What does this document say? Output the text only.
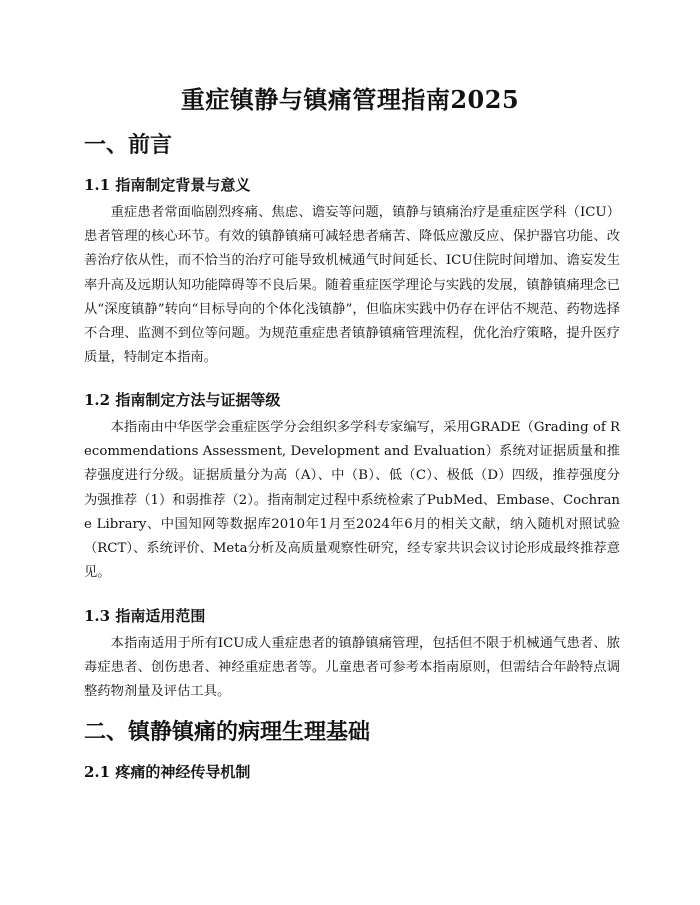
重症镇静与镇痛管理指南2025
一、前言
1.1 指南制定背景与意义

重症患者常面临剧烈疼痛、焦虑、谵妄等问题，镇静与镇痛治疗是重症医学科（ICU）患者管理的核心环节。有效的镇静镇痛可减轻患者痛苦、降低应激反应、保护器官功能、改善治疗依从性，而不恰当的治疗可能导致机械通气时间延长、ICU住院时间增加、谵妄发生率升高及远期认知功能障碍等不良后果。随着重症医学理论与实践的发展，镇静镇痛理念已从“深度镇静”转向“目标导向的个体化浅镇静”，但临床实践中仍存在评估不规范、药物选择不合理、监测不到位等问题。为规范重症患者镇静镇痛管理流程，优化治疗策略，提升医疗质量，特制定本指南。

1.2 指南制定方法与证据等级

本指南由中华医学会重症医学分会组织多学科专家编写，采用GRADE（Grading of Recommendations Assessment, Development and Evaluation）系统对证据质量和推荐强度进行分级。证据质量分为高（A）、中（B）、低（C）、极低（D）四级，推荐强度分为强推荐（1）和弱推荐（2）。指南制定过程中系统检索了PubMed、Embase、Cochrane Library、中国知网等数据库2010年1月至2024年6月的相关文献，纳入随机对照试验（RCT）、系统评价、Meta分析及高质量观察性研究，经专家共识会议讨论形成最终推荐意见。

1.3 指南适用范围

本指南适用于所有ICU成人重症患者的镇静镇痛管理，包括但不限于机械通气患者、脓毒症患者、创伤患者、神经重症患者等。儿童患者可参考本指南原则，但需结合年龄特点调整药物剂量及评估工具。

二、镇静镇痛的病理生理基础
2.1 疼痛的神经传导机制
